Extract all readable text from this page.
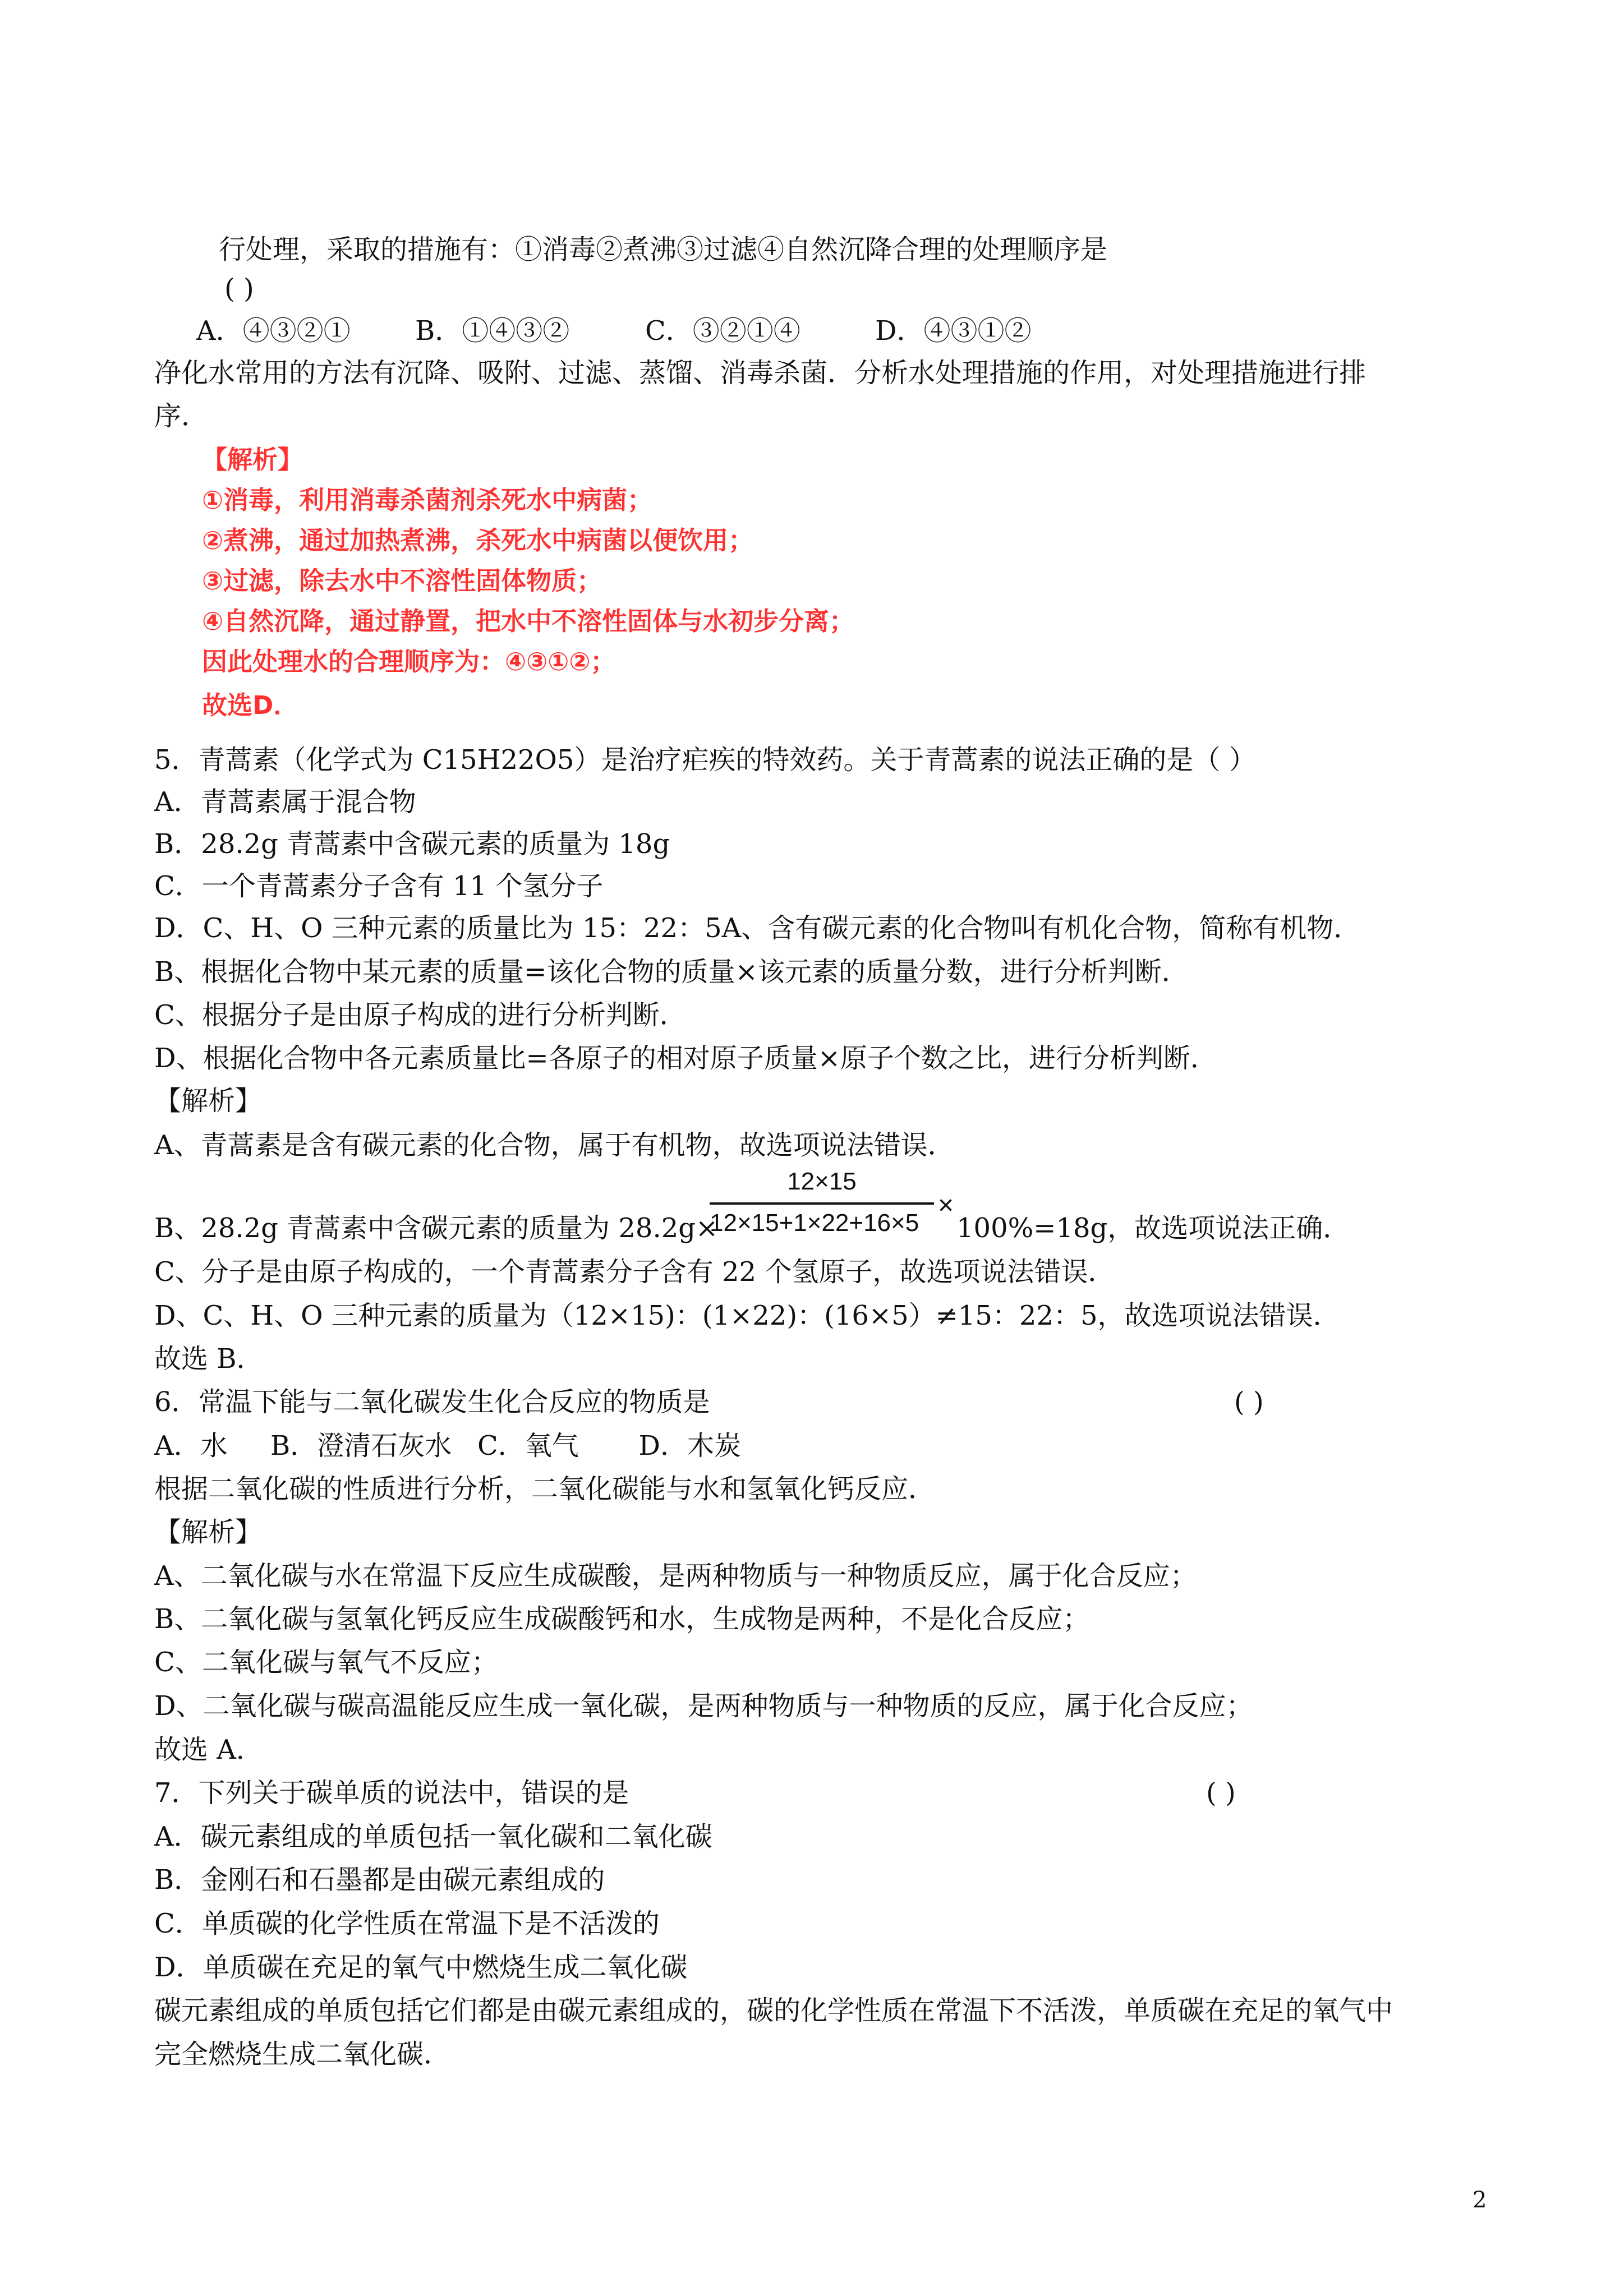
行处理，采取的措施有：①消毒②煮沸③过滤④自然沉降合理的处理顺序是
( )
A．④③②① B．①④③②	C．③②①④	D．④③①②
净化水常用的方法有沉降、吸附、过滤、蒸馏、消毒杀菌．分析水处理措施的作用，对处理措施进行排
序．
【解析】
①消毒，利用消毒杀菌剂杀死水中病菌；
②煮沸，通过加热煮沸，杀死水中病菌以便饮用；
③过滤，除去水中不溶性固体物质；
④自然沉降，通过静置，把水中不溶性固体与水初步分离；
因此处理水的合理顺序为：④③①②；
故选D．
5．青蒿素（化学式为 C15H22O5）是治疗疟疾的特效药。关于青蒿素的说法正确的是（ ）
A．青蒿素属于混合物
B．28.2g 青蒿素中含碳元素的质量为 18g
C．一个青蒿素分子含有 11 个氢分子
D．C、H、O 三种元素的质量比为 15：22：5A、含有碳元素的化合物叫有机化合物，简称有机物．
B、根据化合物中某元素的质量=该化合物的质量×该元素的质量分数，进行分析判断．
C、根据分子是由原子构成的进行分析判断．
D、根据化合物中各元素质量比=各原子的相对原子质量×原子个数之比，进行分析判断．
【解析】
A、青蒿素是含有碳元素的化合物，属于有机物，故选项说法错误．
B、28.2g 青蒿素中含碳元素的质量为 28.2g×
12×15
12×15+1×22+16×5
×
100%=18g，故选项说法正确．
C、分子是由原子构成的，一个青蒿素分子含有 22 个氢原子，故选项说法错误．
D、C、H、O 三种元素的质量为（12×15)：(1×22)：(16×5）≠15：22：5，故选项说法错误．
故选 B．
6．常温下能与二氧化碳发生化合反应的物质是	( )
A．水     B．澄清石灰水   C．氧气       D．木炭
根据二氧化碳的性质进行分析，二氧化碳能与水和氢氧化钙反应．
【解析】
A、二氧化碳与水在常温下反应生成碳酸，是两种物质与一种物质反应，属于化合反应；
B、二氧化碳与氢氧化钙反应生成碳酸钙和水，生成物是两种，不是化合反应；
C、二氧化碳与氧气不反应；
D、二氧化碳与碳高温能反应生成一氧化碳，是两种物质与一种物质的反应，属于化合反应；
故选 A．
7．下列关于碳单质的说法中，错误的是	( )
A．碳元素组成的单质包括一氧化碳和二氧化碳
B．金刚石和石墨都是由碳元素组成的
C．单质碳的化学性质在常温下是不活泼的
D．单质碳在充足的氧气中燃烧生成二氧化碳
碳元素组成的单质包括它们都是由碳元素组成的，碳的化学性质在常温下不活泼，单质碳在充足的氧气中
完全燃烧生成二氧化碳．
2
